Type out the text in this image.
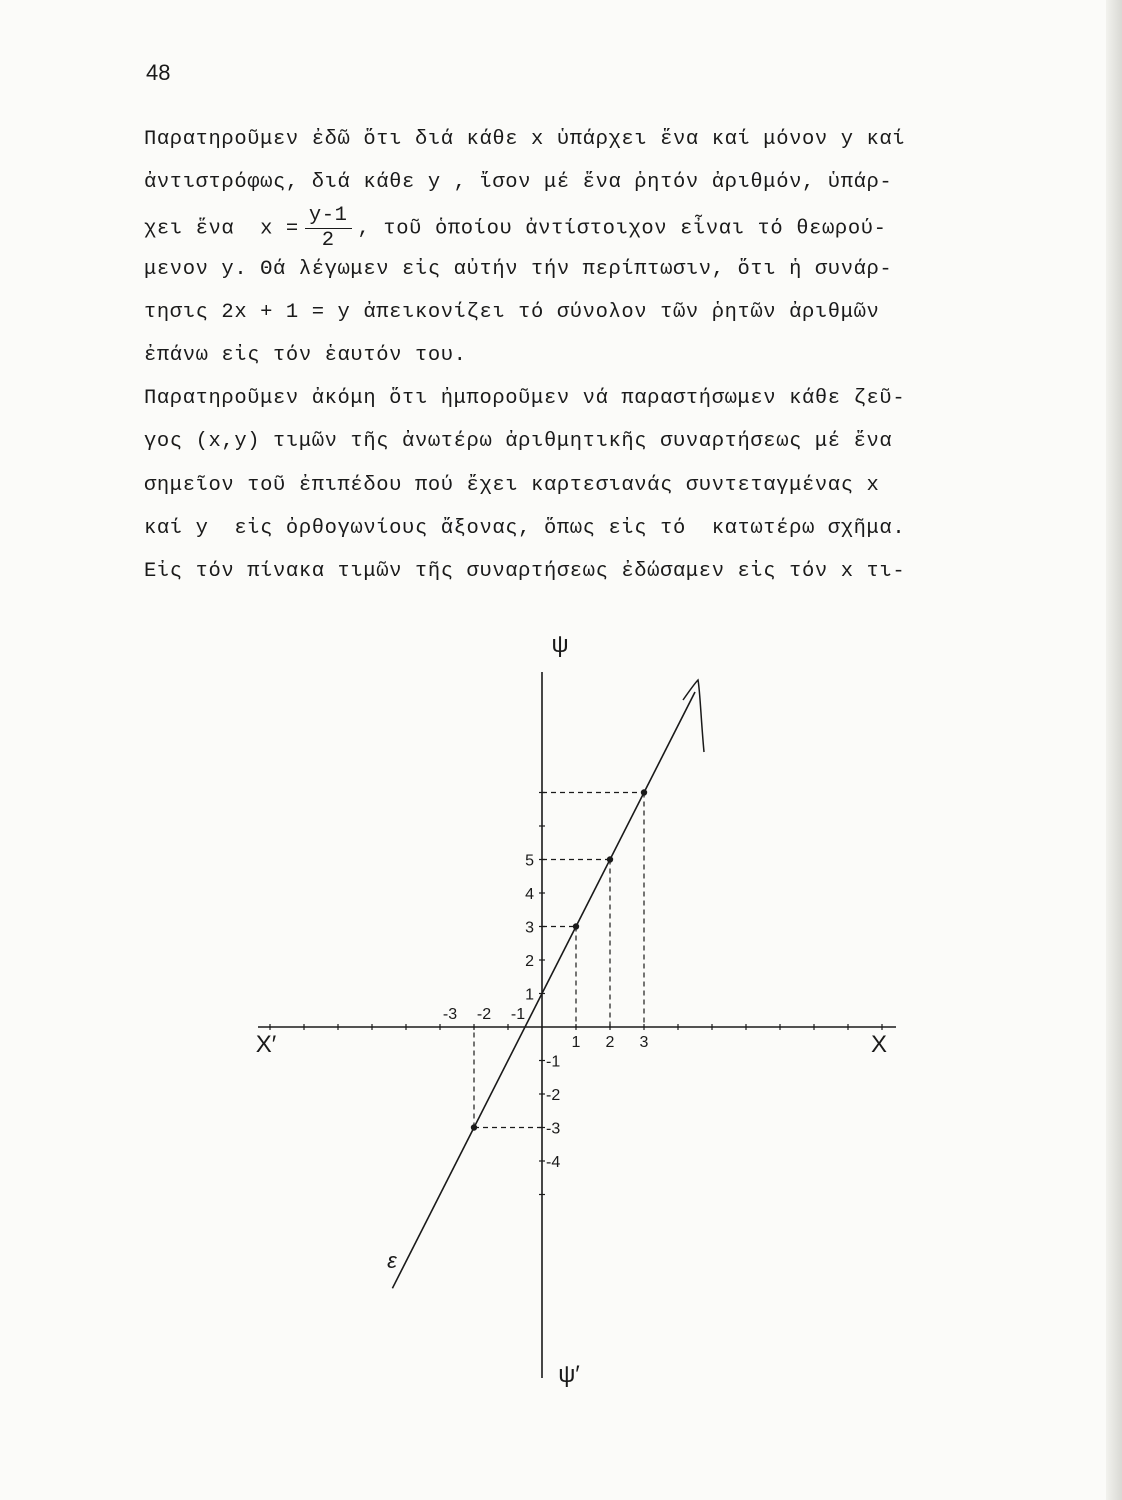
48
Παρατηροῦμεν ἐδῶ ὅτι διά κάθε x ὑπάρχει ἕνα καί μόνον y καί
ἀντιστρόφως, διά κάθε y , ἴσον μέ ἕνα ῥητόν ἀριθμόν, ὑπάρ-
χει ἕνα  $x = \frac{y-1}{2}$ , τοῦ ὁποίου ἀντίστοιχον εἶναι τό θεωρού-
μενον y. Θά λέγωμεν εἰς αὐτήν τήν περίπτωσιν, ὅτι ἡ συνάρ-
τησις 2x + 1 = y ἀπεικονίζει τό σύνολον τῶν ῥητῶν ἀριθμῶν
ἐπάνω εἰς τόν ἑαυτόν του.
Παρατηροῦμεν ἀκόμη ὅτι ἠμποροῦμεν νά παραστήσωμεν κάθε ζεῦ-
γος (x,y) τιμῶν τῆς ἀνωτέρω ἀριθμητικῆς συναρτήσεως μέ ἕνα
σημεῖον τοῦ ἐπιπέδου πού ἔχει καρτεσιανάς συντεταγμένας x
καί y  εἰς ὀρθογωνίους ἄξονας, ὅπως εἰς τό  κατωτέρω σχῆμα.
Εἰς τόν πίνακα τιμῶν τῆς συναρτήσεως ἐδώσαμεν εἰς τόν x τι-
1 2 3
-3 -2 -1
1
2
3
4
5
-1
-2
-3
-4
ψ
ψ′
X′	X
ε
